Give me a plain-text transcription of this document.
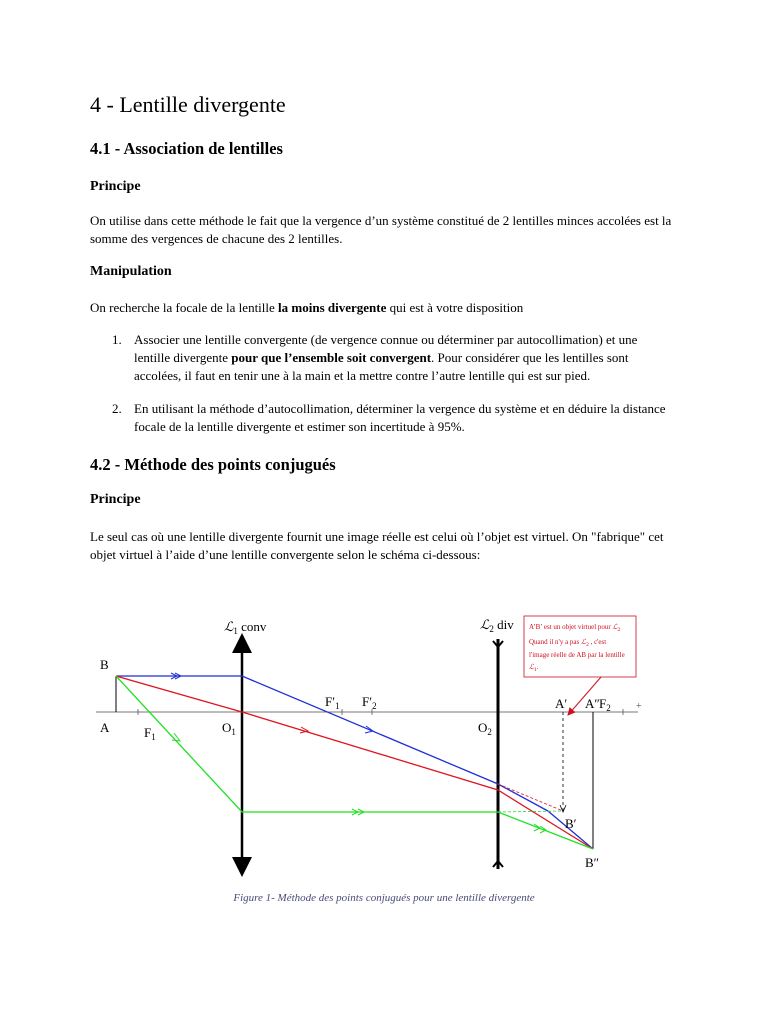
4 - Lentille divergente
4.1 - Association de lentilles
Principe

On utilise dans cette méthode le fait que la vergence d’un système constitué de 2 lentilles minces accolées est la somme des vergences de chacune des 2 lentilles.

Manipulation

On recherche la focale de la lentille la moins divergente qui est à votre disposition

1. Associer une lentille convergente (de vergence connue ou déterminer par autocollimation) et une lentille divergente pour que l’ensemble soit convergent. Pour considérer que les lentilles sont accolées, il faut en tenir une à la main et la mettre contre l’autre lentille qui est sur pied.
2. En utilisant la méthode d’autocollimation, déterminer la vergence du système et en déduire la distance focale de la lentille divergente et estimer son incertitude à 95%.
4.2 - Méthode des points conjugués
Principe

Le seul cas où une lentille divergente fournit une image réelle est celui où l’objet est virtuel. On "fabrique" cet objet virtuel à l’aide d’une lentille convergente selon le schéma ci-dessous:

+
ℒ$_1$ conv	ℒ$_2$ div
B
A	$F_1$
$O_1$
$F'_1$ $F'_2$
$O_2$
A′ A″ $F_2$
B′
B″
A’B’ est un objet virtuel pour ℒ$_2$
Quand il n'y a pas ℒ$_2$ , c'est
l'image réelle de AB par la lentille
ℒ$_1$.
Figure 1- Méthode des points conjugués pour une lentille divergente
